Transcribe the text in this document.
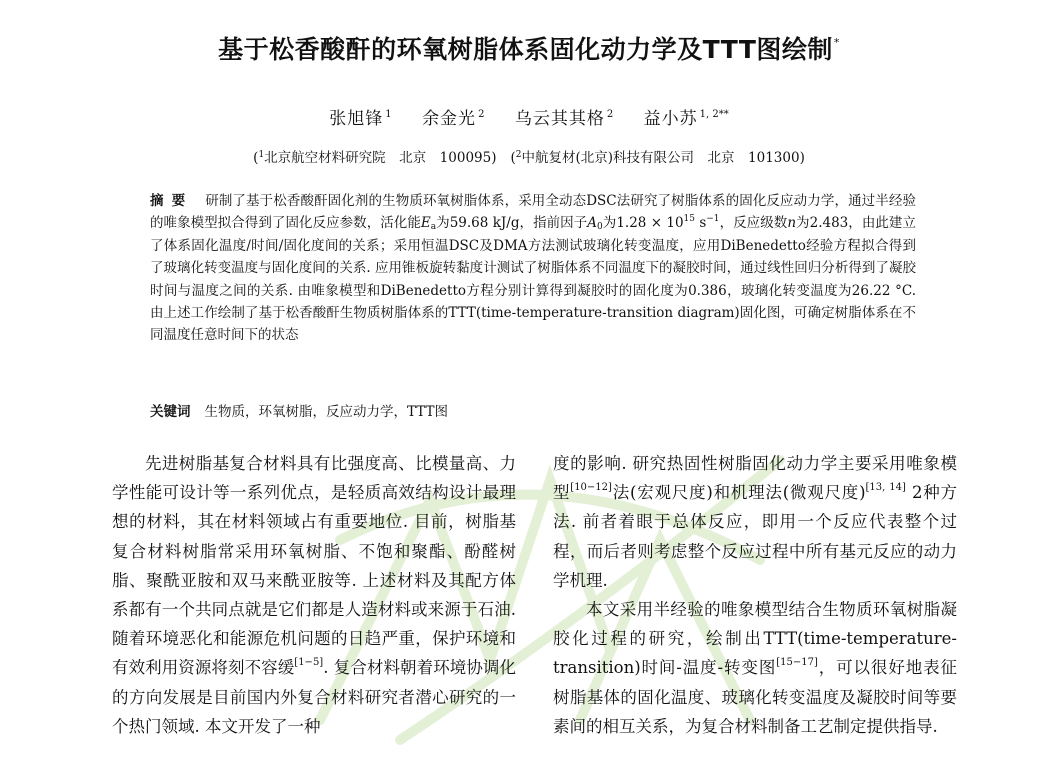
基于松香酸酐的环氧树脂体系固化动力学及TTT图绘制*
张旭锋 $^1$ 余金光 $^2$ 乌云其其格 $^2$ 益小苏 $^{1, 2**}$
($^1$北京航空材料研究院　北京　100095) ($^2$中航复材(北京)科技有限公司　北京　101300)
摘要 研制了基于松香酸酐固化剂的生物质环氧树脂体系，采用全动态DSC法研究了树脂体系的固化反应动力学，通过半经验的唯象模型拟合得到了固化反应参数，活化能$E_a$为59.68 kJ/g，指前因子$A_0$为$1.28 \times 10^{15}$ $s^{-1}$，反应级数n为2.483，由此建立了体系固化温度/时间/固化度间的关系；采用恒温DSC及DMA方法测试玻璃化转变温度，应用DiBenedetto经验方程拟合得到了玻璃化转变温度与固化度间的关系. 应用锥板旋转黏度计测试了树脂体系不同温度下的凝胶时间，通过线性回归分析得到了凝胶时间与温度之间的关系. 由唯象模型和DiBenedetto方程分别计算得到凝胶时的固化度为0.386，玻璃化转变温度为26.22 °C. 由上述工作绘制了基于松香酸酐生物质树脂体系的TTT(time-temperature-transition diagram)固化图，可确定树脂体系在不同温度任意时间下的状态
关键词 生物质，环氧树脂，反应动力学，TTT图

先进树脂基复合材料具有比强度高、比模量高、力学性能可设计等一系列优点，是轻质高效结构设计最理想的材料，其在材料领域占有重要地位. 目前，树脂基复合材料树脂常采用环氧树脂、不饱和聚酯、酚醛树脂、聚酰亚胺和双马来酰亚胺等. 上述材料及其配方体系都有一个共同点就是它们都是人造材料或来源于石油. 随着环境恶化和能源危机问题的日趋严重，保护环境和有效利用资源将刻不容缓[1−5]. 复合材料朝着环境协调化的方向发展是目前国内外复合材料研究者潜心研究的一个热门领域. 本文开发了一种

度的影响. 研究热固性树脂固化动力学主要采用唯象模型[10−12]法(宏观尺度)和机理法(微观尺度)[13, 14] 2种方法. 前者着眼于总体反应，即用一个反应代表整个过程，而后者则考虑整个反应过程中所有基元反应的动力学机理.

本文采用半经验的唯象模型结合生物质环氧树脂凝胶化过程的研究，绘制出TTT(time-temperature-transition)时间-温度-转变图[15−17]，可以很好地表征树脂基体的固化温度、玻璃化转变温度及凝胶时间等要素间的相互关系，为复合材料制备工艺制定提供指导.
